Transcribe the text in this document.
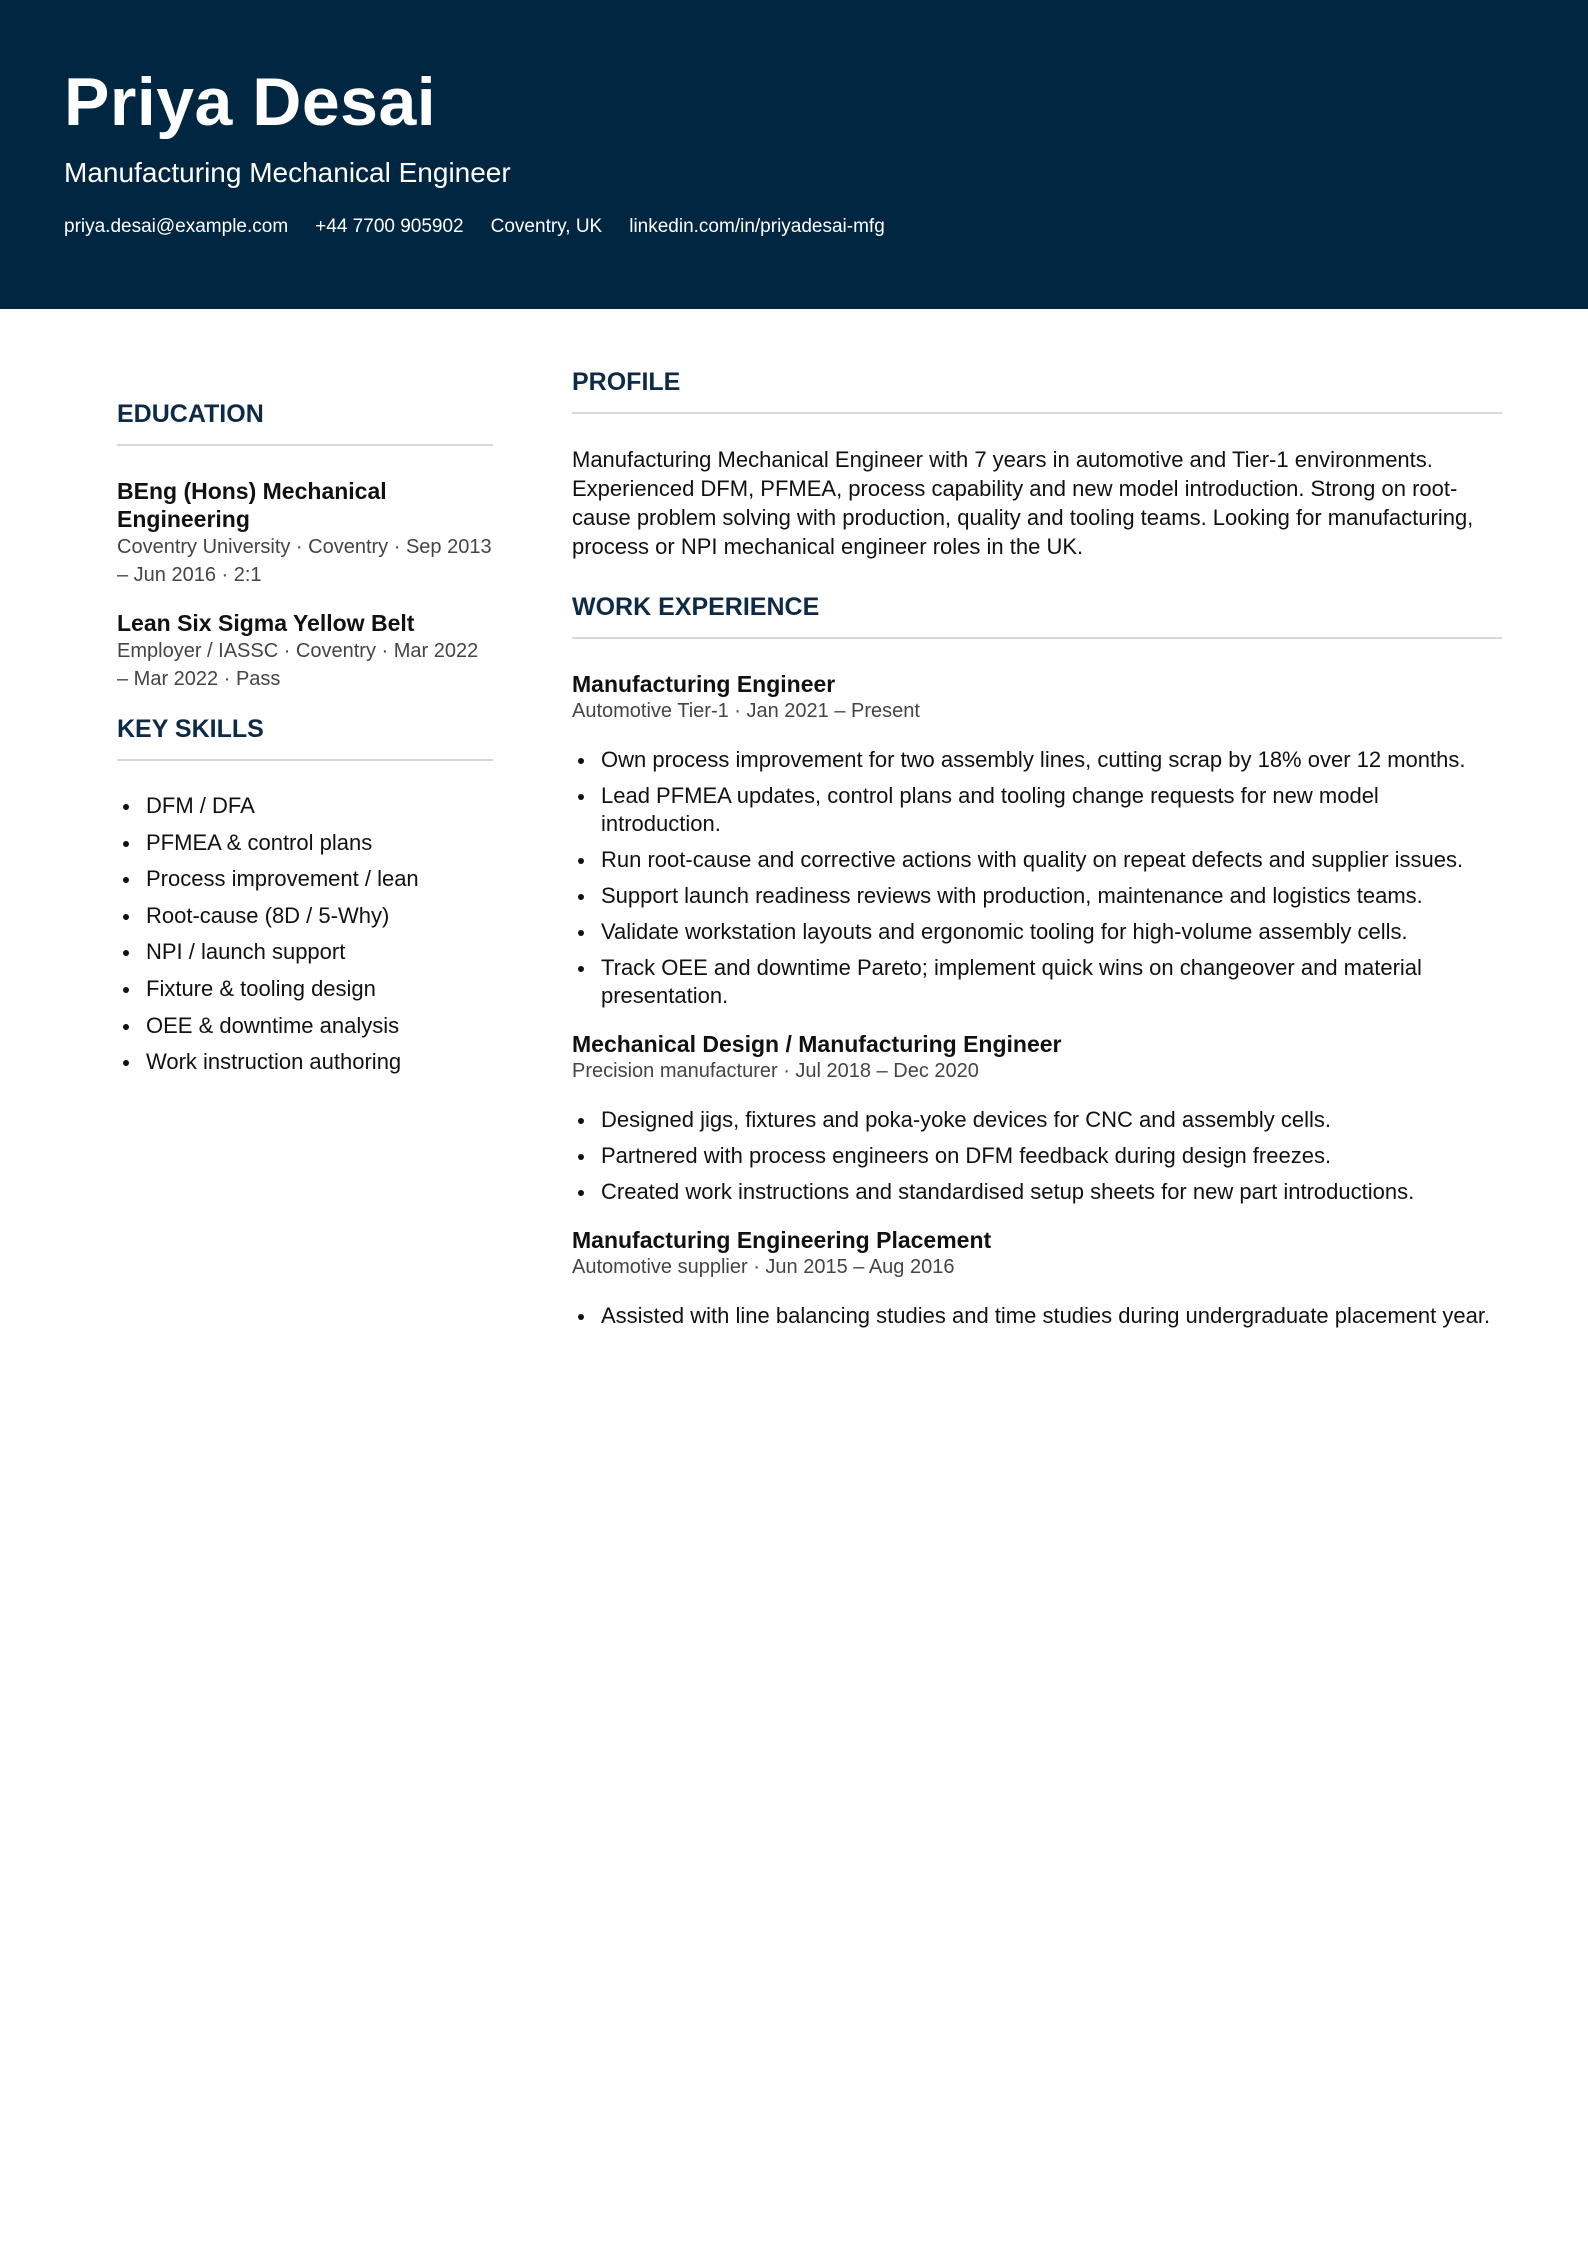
Priya Desai
Manufacturing Mechanical Engineer
priya.desai@example.com +44 7700 905902 Coventry, UK linkedin.com/in/priyadesai-mfg
EDUCATION
BEng (Hons) Mechanical Engineering
Coventry University · Coventry · Sep 2013 – Jun 2016 · 2:1
Lean Six Sigma Yellow Belt
Employer / IASSC · Coventry · Mar 2022 – Mar 2022 · Pass
KEY SKILLS
DFM / DFA
PFMEA & control plans
Process improvement / lean
Root-cause (8D / 5-Why)
NPI / launch support
Fixture & tooling design
OEE & downtime analysis
Work instruction authoring
PROFILE

Manufacturing Mechanical Engineer with 7 years in automotive and Tier-1 environments. Experienced DFM, PFMEA, process capability and new model introduction. Strong on root-cause problem solving with production, quality and tooling teams. Looking for manufacturing, process or NPI mechanical engineer roles in the UK.

WORK EXPERIENCE
Manufacturing Engineer
Automotive Tier-1 · Jan 2021 – Present
Own process improvement for two assembly lines, cutting scrap by 18% over 12 months.
Lead PFMEA updates, control plans and tooling change requests for new model introduction.
Run root-cause and corrective actions with quality on repeat defects and supplier issues.
Support launch readiness reviews with production, maintenance and logistics teams.
Validate workstation layouts and ergonomic tooling for high-volume assembly cells.
Track OEE and downtime Pareto; implement quick wins on changeover and material presentation.
Mechanical Design / Manufacturing Engineer
Precision manufacturer · Jul 2018 – Dec 2020
Designed jigs, fixtures and poka-yoke devices for CNC and assembly cells.
Partnered with process engineers on DFM feedback during design freezes.
Created work instructions and standardised setup sheets for new part introductions.
Manufacturing Engineering Placement
Automotive supplier · Jun 2015 – Aug 2016
Assisted with line balancing studies and time studies during undergraduate placement year.
